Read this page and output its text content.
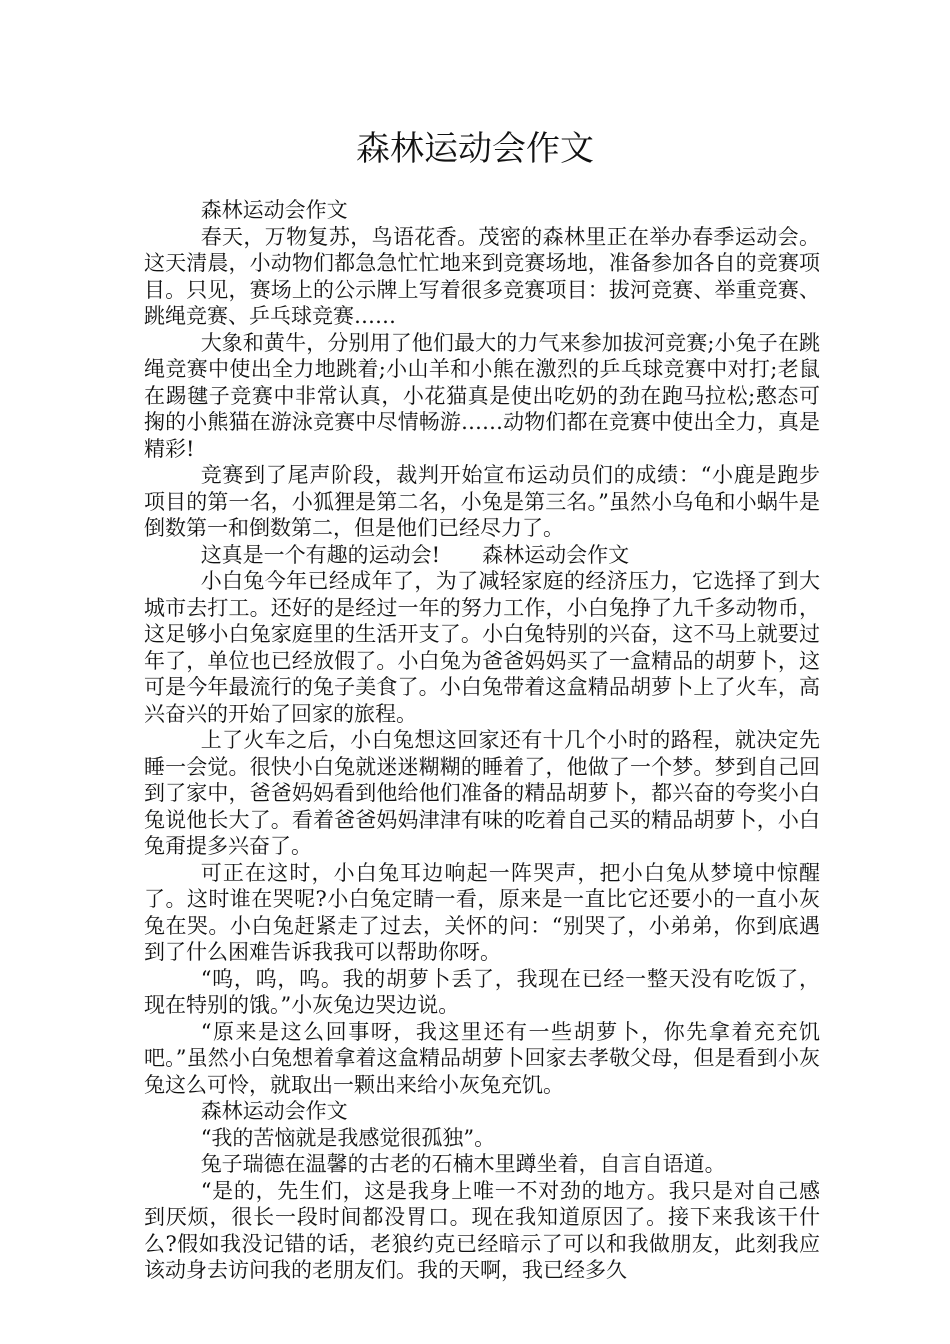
森林运动会作文

森林运动会作文

春天，万物复苏，鸟语花香。茂密的森林里正在举办春季运动会。这天清晨，小动物们都急急忙忙地来到竞赛场地，准备参加各自的竞赛项目。只见，赛场上的公示牌上写着很多竞赛项目：拔河竞赛、举重竞赛、跳绳竞赛、乒乓球竞赛……

大象和黄牛，分别用了他们最大的力气来参加拔河竞赛;小兔子在跳绳竞赛中使出全力地跳着;小山羊和小熊在激烈的乒乓球竞赛中对打;老鼠在踢毽子竞赛中非常认真，小花猫真是使出吃奶的劲在跑马拉松;憨态可掬的小熊猫在游泳竞赛中尽情畅游……动物们都在竞赛中使出全力，真是精彩!

竞赛到了尾声阶段，裁判开始宣布运动员们的成绩：“小鹿是跑步项目的第一名，小狐狸是第二名，小兔是第三名。”虽然小乌龟和小蜗牛是倒数第一和倒数第二，但是他们已经尽力了。

这真是一个有趣的运动会!　　森林运动会作文

小白兔今年已经成年了，为了减轻家庭的经济压力，它选择了到大城市去打工。还好的是经过一年的努力工作，小白兔挣了九千多动物币，这足够小白兔家庭里的生活开支了。小白兔特别的兴奋，这不马上就要过年了，单位也已经放假了。小白兔为爸爸妈妈买了一盒精品的胡萝卜，这可是今年最流行的兔子美食了。小白兔带着这盒精品胡萝卜上了火车，高兴奋兴的开始了回家的旅程。

上了火车之后，小白兔想这回家还有十几个小时的路程，就决定先睡一会觉。很快小白兔就迷迷糊糊的睡着了，他做了一个梦。梦到自己回到了家中，爸爸妈妈看到他给他们准备的精品胡萝卜，都兴奋的夸奖小白兔说他长大了。看着爸爸妈妈津津有味的吃着自己买的精品胡萝卜，小白兔甭提多兴奋了。

可正在这时，小白兔耳边响起一阵哭声，把小白兔从梦境中惊醒了。这时谁在哭呢?小白兔定睛一看，原来是一直比它还要小的一直小灰兔在哭。小白兔赶紧走了过去，关怀的问：“别哭了，小弟弟，你到底遇到了什么困难告诉我我可以帮助你呀。

“呜，呜，呜。我的胡萝卜丢了，我现在已经一整天没有吃饭了，现在特别的饿。”小灰兔边哭边说。

“原来是这么回事呀，我这里还有一些胡萝卜，你先拿着充充饥吧。”虽然小白兔想着拿着这盒精品胡萝卜回家去孝敬父母，但是看到小灰兔这么可怜，就取出一颗出来给小灰兔充饥。

森林运动会作文

“我的苦恼就是我感觉很孤独”。

兔子瑞德在温馨的古老的石楠木里蹲坐着，自言自语道。

“是的，先生们，这是我身上唯一不对劲的地方。我只是对自己感到厌烦，很长一段时间都没胃口。现在我知道原因了。接下来我该干什么?假如我没记错的话，老狼约克已经暗示了可以和我做朋友，此刻我应该动身去访问我的老朋友们。我的天啊，我已经多久
